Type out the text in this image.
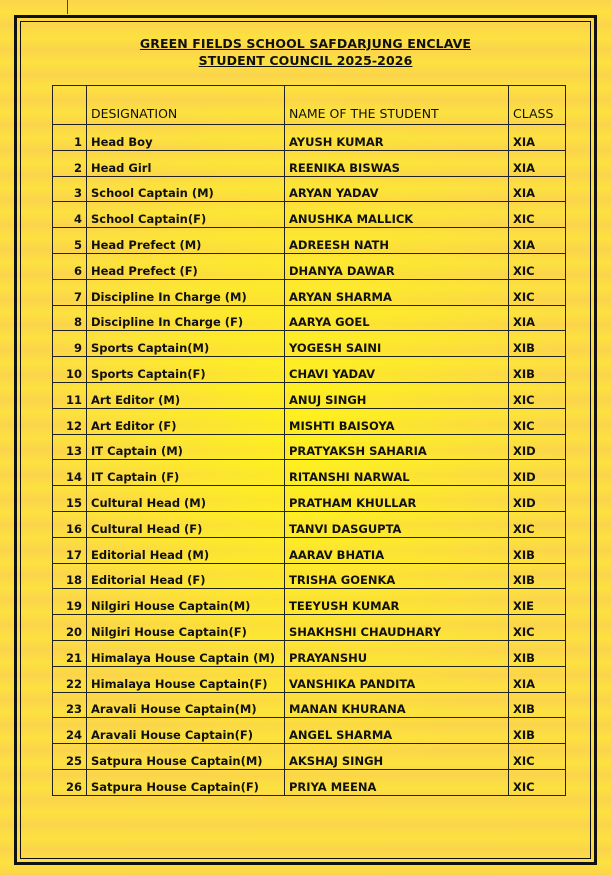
GREEN FIELDS SCHOOL SAFDARJUNG ENCLAVE
STUDENT COUNCIL 2025-2026
	DESIGNATION	NAME OF THE STUDENT	CLASS
1	Head Boy	AYUSH KUMAR	XIA
2	Head Girl	REENIKA BISWAS	XIA
3	School Captain (M)	ARYAN YADAV	XIA
4	School Captain(F)	ANUSHKA MALLICK	XIC
5	Head Prefect (M)	ADREESH NATH	XIA
6	Head Prefect (F)	DHANYA DAWAR	XIC
7	Discipline In Charge (M)	ARYAN SHARMA	XIC
8	Discipline In Charge (F)	AARYA GOEL	XIA
9	Sports Captain(M)	YOGESH SAINI	XIB
10	Sports Captain(F)	CHAVI YADAV	XIB
11	Art Editor (M)	ANUJ SINGH	XIC
12	Art Editor (F)	MISHTI BAISOYA	XIC
13	IT Captain (M)	PRATYAKSH SAHARIA	XID
14	IT Captain (F)	RITANSHI NARWAL	XID
15	Cultural Head (M)	PRATHAM KHULLAR	XID
16	Cultural Head (F)	TANVI DASGUPTA	XIC
17	Editorial Head (M)	AARAV BHATIA	XIB
18	Editorial Head (F)	TRISHA GOENKA	XIB
19	Nilgiri House Captain(M)	TEEYUSH KUMAR	XIE
20	Nilgiri House Captain(F)	SHAKHSHI CHAUDHARY	XIC
21	Himalaya House Captain (M)	PRAYANSHU	XIB
22	Himalaya House Captain(F)	VANSHIKA PANDITA	XIA
23	Aravali House Captain(M)	MANAN KHURANA	XIB
24	Aravali House Captain(F)	ANGEL SHARMA	XIB
25	Satpura House Captain(M)	AKSHAJ SINGH	XIC
26	Satpura House Captain(F)	PRIYA MEENA	XIC
